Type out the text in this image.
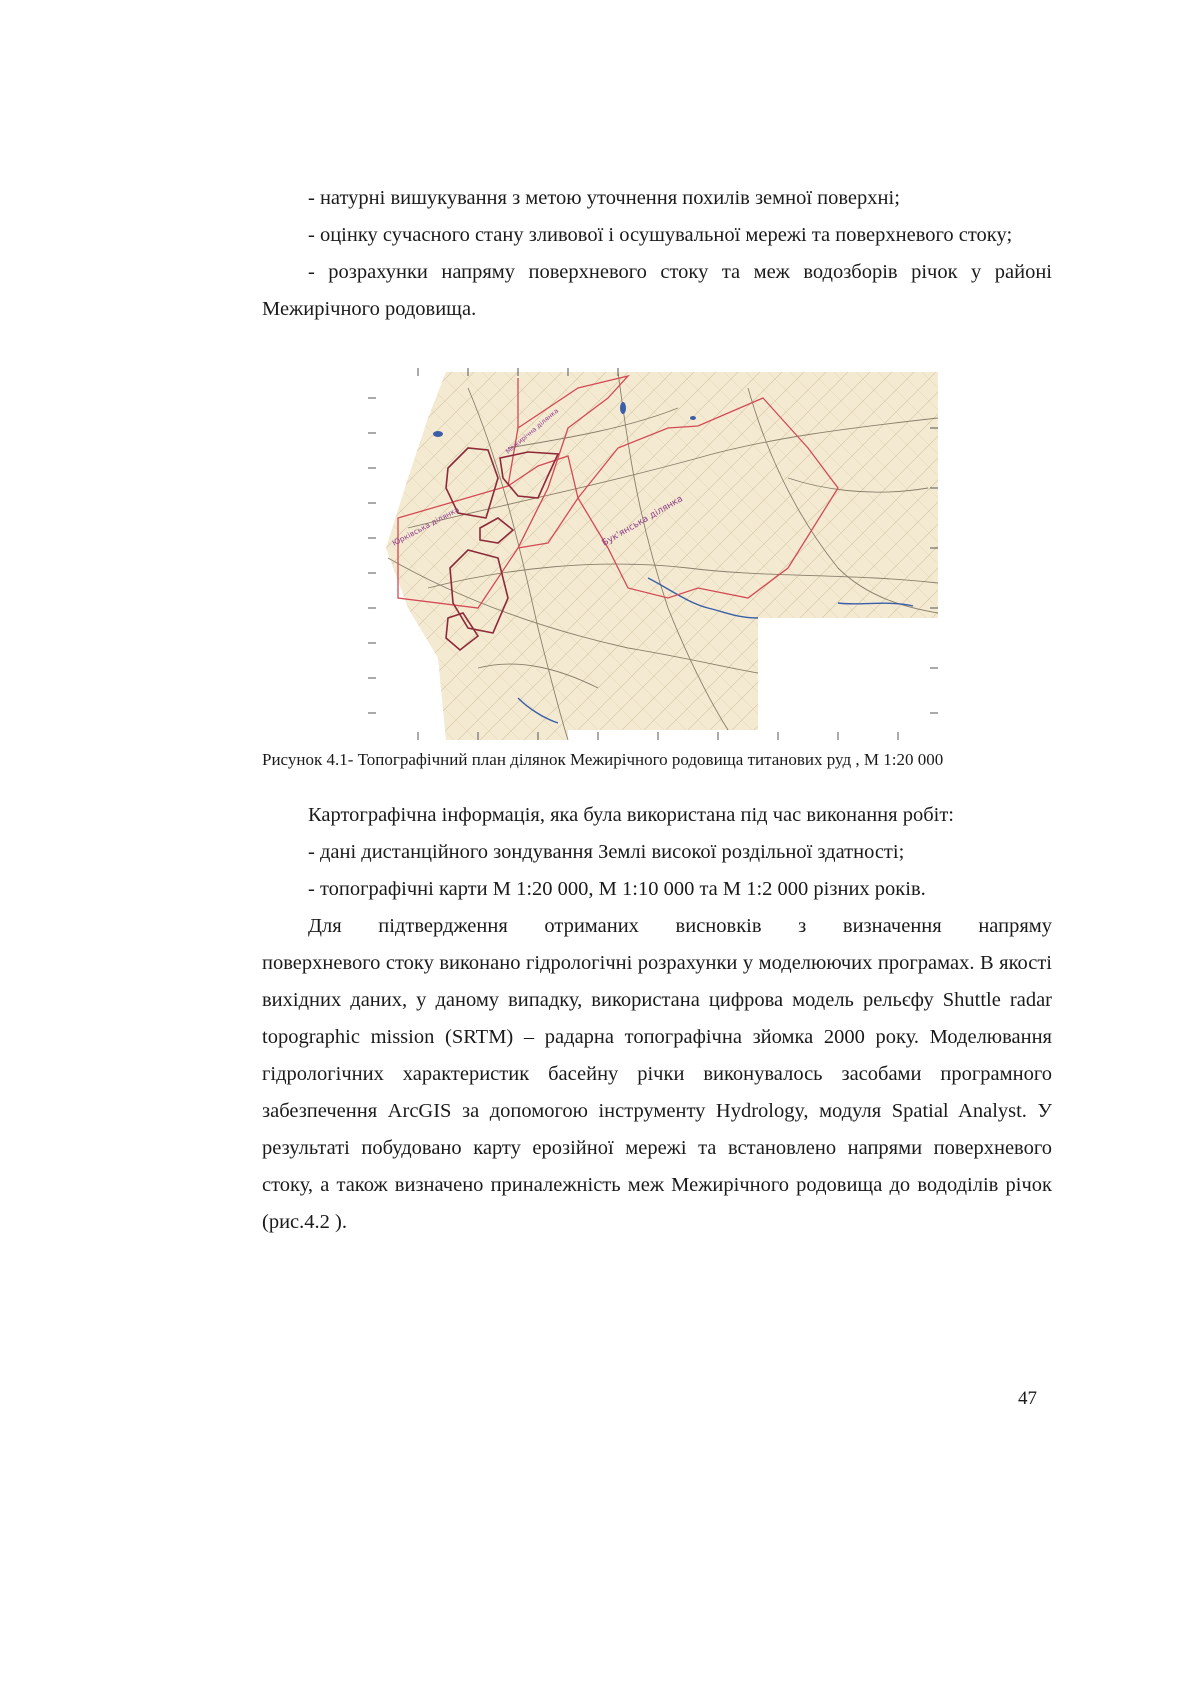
- натурні вишукування з метою уточнення похилів земної поверхні;

- оцінку сучасного стану зливової і осушувальної мережі та поверхневого стоку;

- розрахунки напряму поверхневого стоку та меж водозборів річок у районі Межирічного родовища.

Юрківська ділянка	Бук'янська ділянка
Межирічна ділянка
Рисунок 4.1- Топографічний план ділянок Межирічного родовища титанових руд , М 1:20 000

Картографічна інформація, яка була використана під час виконання робіт:

- дані дистанційного зондування Землі високої роздільної здатності;

- топографічні карти М 1:20 000, М 1:10 000 та М 1:2 000 різних років.

Для підтвердження отриманих висновків з визначення напряму

поверхневого стоку виконано гідрологічні розрахунки у моделюючих програмах. В якості вихідних даних, у даному випадку, використана цифрова модель рельєфу Shuttle radar topographic mission (SRTM) – радарна топографічна зйомка 2000 року. Моделювання гідрологічних характеристик басейну річки виконувалось засобами програмного забезпечення ArcGIS за допомогою інструменту Hydrology, модуля Spatial Analyst. У результаті побудовано карту ерозійної мережі та встановлено напрями поверхневого стоку, а також визначено приналежність меж Межирічного родовища до вододілів річок (рис.4.2 ).

47
